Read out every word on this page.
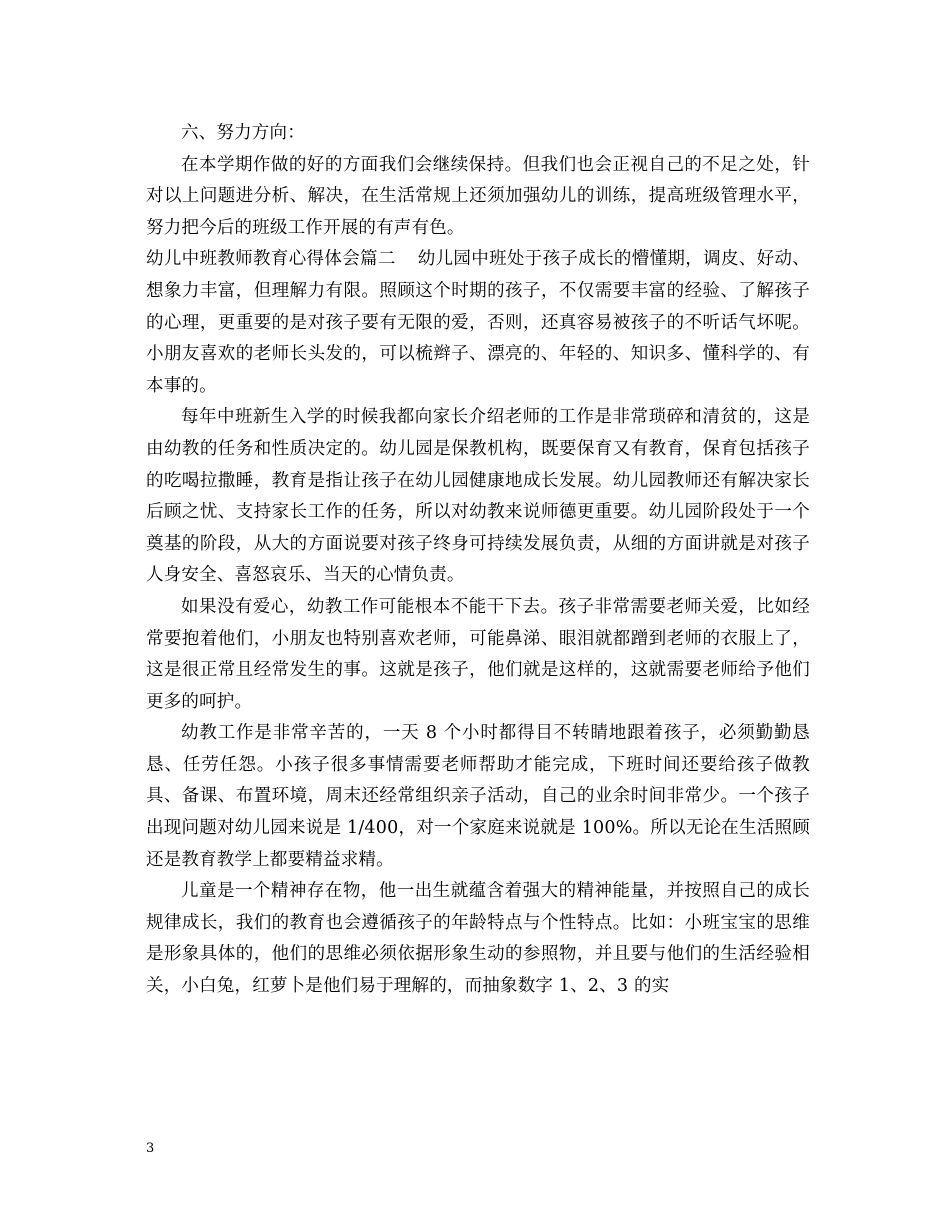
六、努力方向：

在本学期作做的好的方面我们会继续保持。但我们也会正视自己的不足之处，针对以上问题进分析、解决，在生活常规上还须加强幼儿的训练，提高班级管理水平，努力把今后的班级工作开展的有声有色。

幼儿中班教师教育心得体会篇二 幼儿园中班处于孩子成长的懵懂期，调皮、好动、想象力丰富，但理解力有限。照顾这个时期的孩子，不仅需要丰富的经验、了解孩子的心理，更重要的是对孩子要有无限的爱，否则，还真容易被孩子的不听话气坏呢。小朋友喜欢的老师长头发的，可以梳辫子、漂亮的、年轻的、知识多、懂科学的、有本事的。

每年中班新生入学的时候我都向家长介绍老师的工作是非常琐碎和清贫的，这是由幼教的任务和性质决定的。幼儿园是保教机构，既要保育又有教育，保育包括孩子的吃喝拉撒睡，教育是指让孩子在幼儿园健康地成长发展。幼儿园教师还有解决家长后顾之忧、支持家长工作的任务，所以对幼教来说师德更重要。幼儿园阶段处于一个奠基的阶段，从大的方面说要对孩子终身可持续发展负责，从细的方面讲就是对孩子人身安全、喜怒哀乐、当天的心情负责。

如果没有爱心，幼教工作可能根本不能干下去。孩子非常需要老师关爱，比如经常要抱着他们，小朋友也特别喜欢老师，可能鼻涕、眼泪就都蹭到老师的衣服上了，这是很正常且经常发生的事。这就是孩子，他们就是这样的，这就需要老师给予他们更多的呵护。

幼教工作是非常辛苦的，一天 8 个小时都得目不转睛地跟着孩子，必须勤勤恳恳、任劳任怨。小孩子很多事情需要老师帮助才能完成，下班时间还要给孩子做教具、备课、布置环境，周末还经常组织亲子活动，自己的业余时间非常少。一个孩子出现问题对幼儿园来说是 1/400，对一个家庭来说就是 100%。所以无论在生活照顾还是教育教学上都要精益求精。

儿童是一个精神存在物，他一出生就蕴含着强大的精神能量，并按照自己的成长规律成长，我们的教育也会遵循孩子的年龄特点与个性特点。比如：小班宝宝的思维是形象具体的，他们的思维必须依据形象生动的参照物，并且要与他们的生活经验相关，小白兔，红萝卜是他们易于理解的，而抽象数字 1、2、3 的实

3
